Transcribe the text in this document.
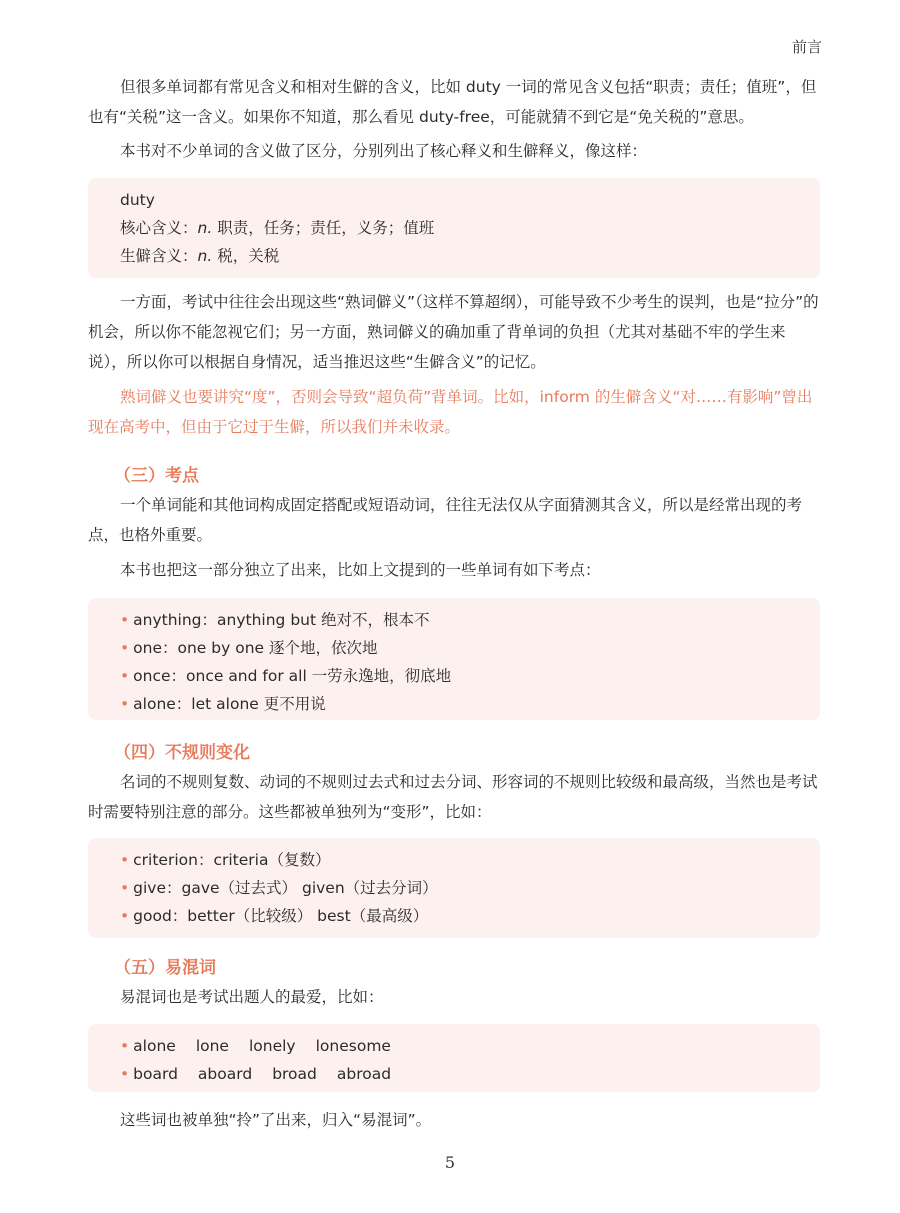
前言

但很多单词都有常见含义和相对生僻的含义，比如 duty 一词的常见含义包括“职责；责任；值班”，但也有“关税”这一含义。如果你不知道，那么看见 duty-free，可能就猜不到它是“免关税的”意思。

本书对不少单词的含义做了区分，分别列出了核心释义和生僻释义，像这样：

duty

核心含义：n. 职责，任务；责任，义务；值班

生僻含义：n. 税，关税

一方面，考试中往往会出现这些“熟词僻义”（这样不算超纲），可能导致不少考生的误判，也是“拉分”的机会，所以你不能忽视它们；另一方面，熟词僻义的确加重了背单词的负担（尤其对基础不牢的学生来说），所以你可以根据自身情况，适当推迟这些“生僻含义”的记忆。

熟词僻义也要讲究“度”，否则会导致“超负荷”背单词。比如，inform 的生僻含义“对……有影响”曾出现在高考中，但由于它过于生僻，所以我们并未收录。

（三）考点

一个单词能和其他词构成固定搭配或短语动词，往往无法仅从字面猜测其含义，所以是经常出现的考点，也格外重要。

本书也把这一部分独立了出来，比如上文提到的一些单词有如下考点：

• anything：anything but 绝对不，根本不

• one：one by one 逐个地，依次地

• once：once and for all 一劳永逸地，彻底地

• alone：let alone 更不用说

（四）不规则变化

名词的不规则复数、动词的不规则过去式和过去分词、形容词的不规则比较级和最高级，当然也是考试时需要特别注意的部分。这些都被单独列为“变形”，比如：

• criterion：criteria（复数）

• give：gave（过去式） given（过去分词）

• good：better（比较级） best（最高级）

（五）易混词

易混词也是考试出题人的最爱，比如：

• alone lone lonely lonesome

• board aboard broad abroad

这些词也被单独“拎”了出来，归入“易混词”。

5
